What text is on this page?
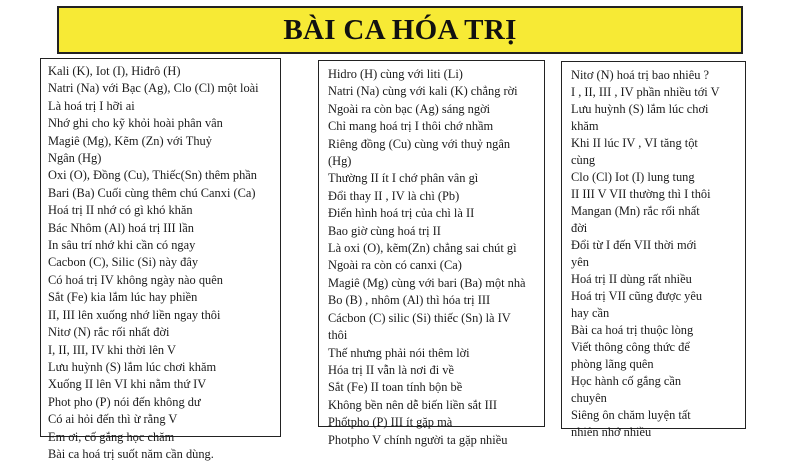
BÀI CA HÓA TRỊ
Kali (K), Iot (I), Hiđrô (H)
Natri (Na) với Bạc (Ag), Clo (Cl) một loài
Là hoá trị I hỡi ai
Nhớ ghi cho kỹ khỏi hoài phân vân
Magiê (Mg), Kẽm (Zn) với Thuỷ
Ngân (Hg)
Oxi (O), Đồng (Cu), Thiếc(Sn) thêm phần
Bari (Ba) Cuối cùng thêm chú Canxi (Ca)
Hoá trị II nhớ có gì khó khăn
Bác Nhôm (Al) hoá trị III lần
In sâu trí nhớ khi cần có ngay
Cacbon (C), Silic (Si) này đây
Có hoá trị IV không ngày nào quên
Sắt (Fe) kia lắm lúc hay phiền
II, III lên xuống nhớ liền ngay thôi
Nitơ (N) rắc rối nhất đời
I, II, III, IV khi thời lên V
Lưu huỳnh (S) lắm lúc chơi khăm
Xuống II lên VI khi nằm thứ IV
Phot pho (P) nói đến không dư
Có ai hỏi đến thì ừ rằng V
Em ơi, cố gắng học chăm
Bài ca hoá trị suốt năm cần dùng.
Hidro (H) cùng với liti (Li)
Natri (Na) cùng với kali (K) chẳng rời
Ngoài ra còn bạc (Ag) sáng ngời
Chỉ mang hoá trị I thôi chớ nhầm
Riêng đồng (Cu) cùng với thuỷ ngân
(Hg)
Thường II ít I chớ phân vân gì
Đổi thay II , IV là chì (Pb)
Điển hình hoá trị của chì là II
Bao giờ cùng hoá trị II
Là oxi (O), kẽm(Zn) chẳng sai chút gì
Ngoài ra còn có canxi (Ca)
Magiê (Mg) cùng với bari (Ba) một nhà
Bo (B) , nhôm (Al) thì hóa trị III
Cácbon (C) silic (Si) thiếc (Sn) là IV
thôi
Thế nhưng phải nói thêm lời
Hóa trị II vẫn là nơi đi về
Sắt (Fe) II toan tính bộn bề
Không bền nên dễ biến liền sắt III
Phốtpho (P) III ít gặp mà
Photpho V chính người ta gặp nhiều
Nitơ (N) hoá trị bao nhiêu ?
I , II, III , IV phần nhiều tới V
Lưu huỳnh (S) lắm lúc chơi
khăm
Khi II lúc IV , VI tăng tột
cùng
Clo (Cl) Iot (I) lung tung
II III V VII thường thì I thôi
Mangan (Mn) rắc rối nhất
đời
Đổi từ I đến VII thời mới
yên
Hoá trị II dùng rất nhiều
Hoá trị VII cũng được yêu
hay cần
Bài ca hoá trị thuộc lòng
Viết thông công thức để
phòng lãng quên
Học hành cố gắng cần
chuyên
Siêng ôn chăm luyện tất
nhiên nhớ nhiều
